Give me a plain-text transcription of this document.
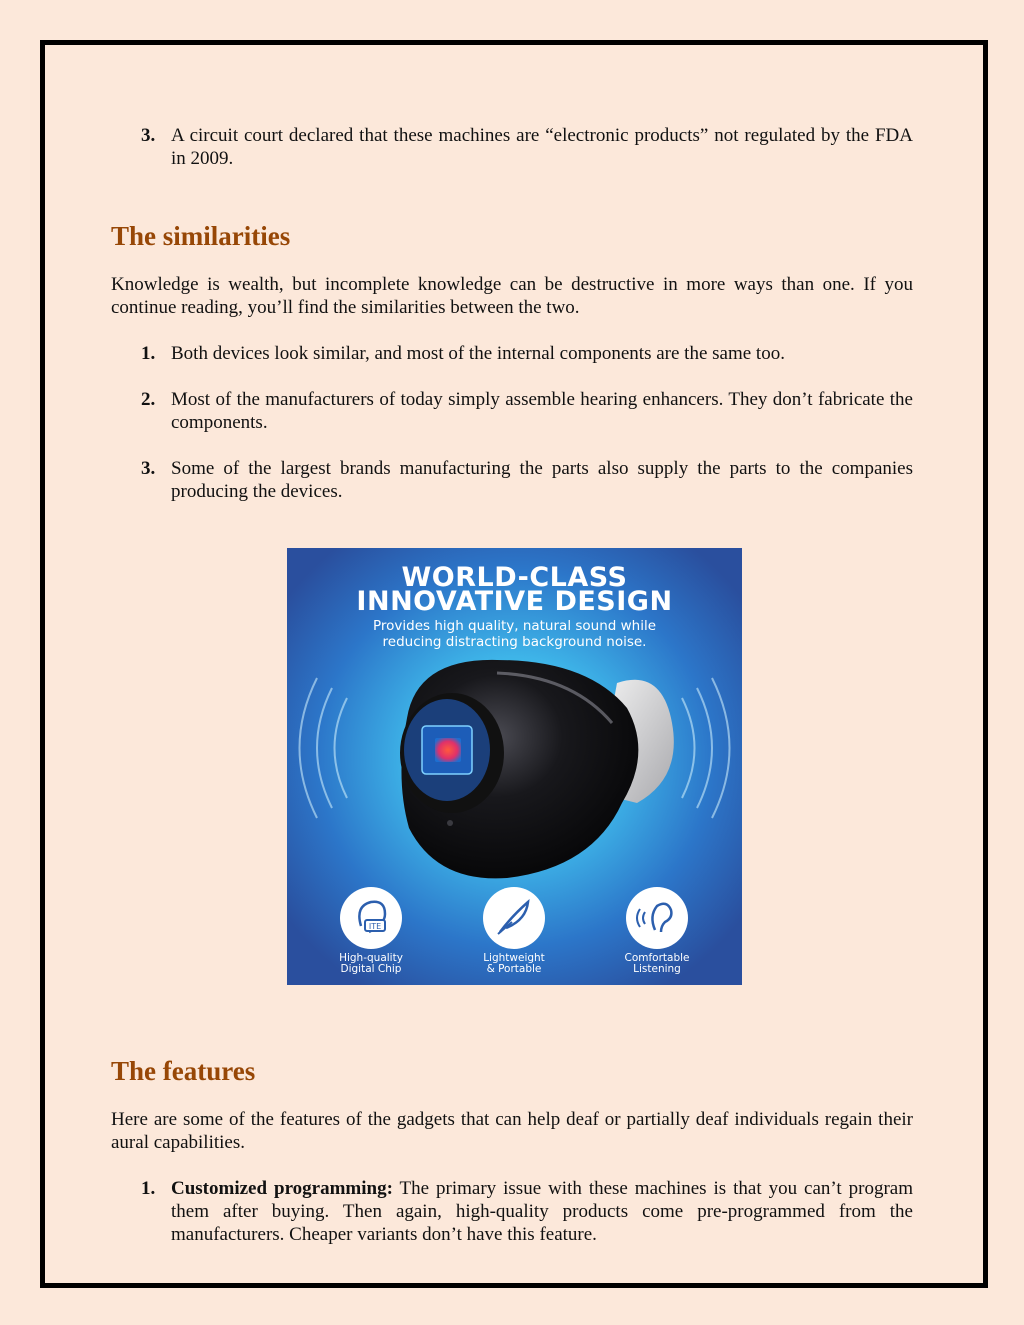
3. A circuit court declared that these machines are “electronic products” not regulated by the FDA in 2009.
The similarities

Knowledge is wealth, but incomplete knowledge can be destructive in more ways than one. If you continue reading, you’ll find the similarities between the two.

1. Both devices look similar, and most of the internal components are the same too.
2. Most of the manufacturers of today simply assemble hearing enhancers. They don’t fabricate the components.
3. Some of the largest brands manufacturing the parts also supply the parts to the companies producing the devices.
WORLD-CLASS
INNOVATIVE DESIGN
Provides high quality, natural sound while
reducing distracting background noise.
ITE
High-quality
Digital Chip
Lightweight
& Portable
Comfortable
Listening
The features

Here are some of the features of the gadgets that can help deaf or partially deaf individuals regain their aural capabilities.

1. Customized programming: The primary issue with these machines is that you can’t program them after buying. Then again, high-quality products come pre-programmed from the manufacturers. Cheaper variants don’t have this feature.
